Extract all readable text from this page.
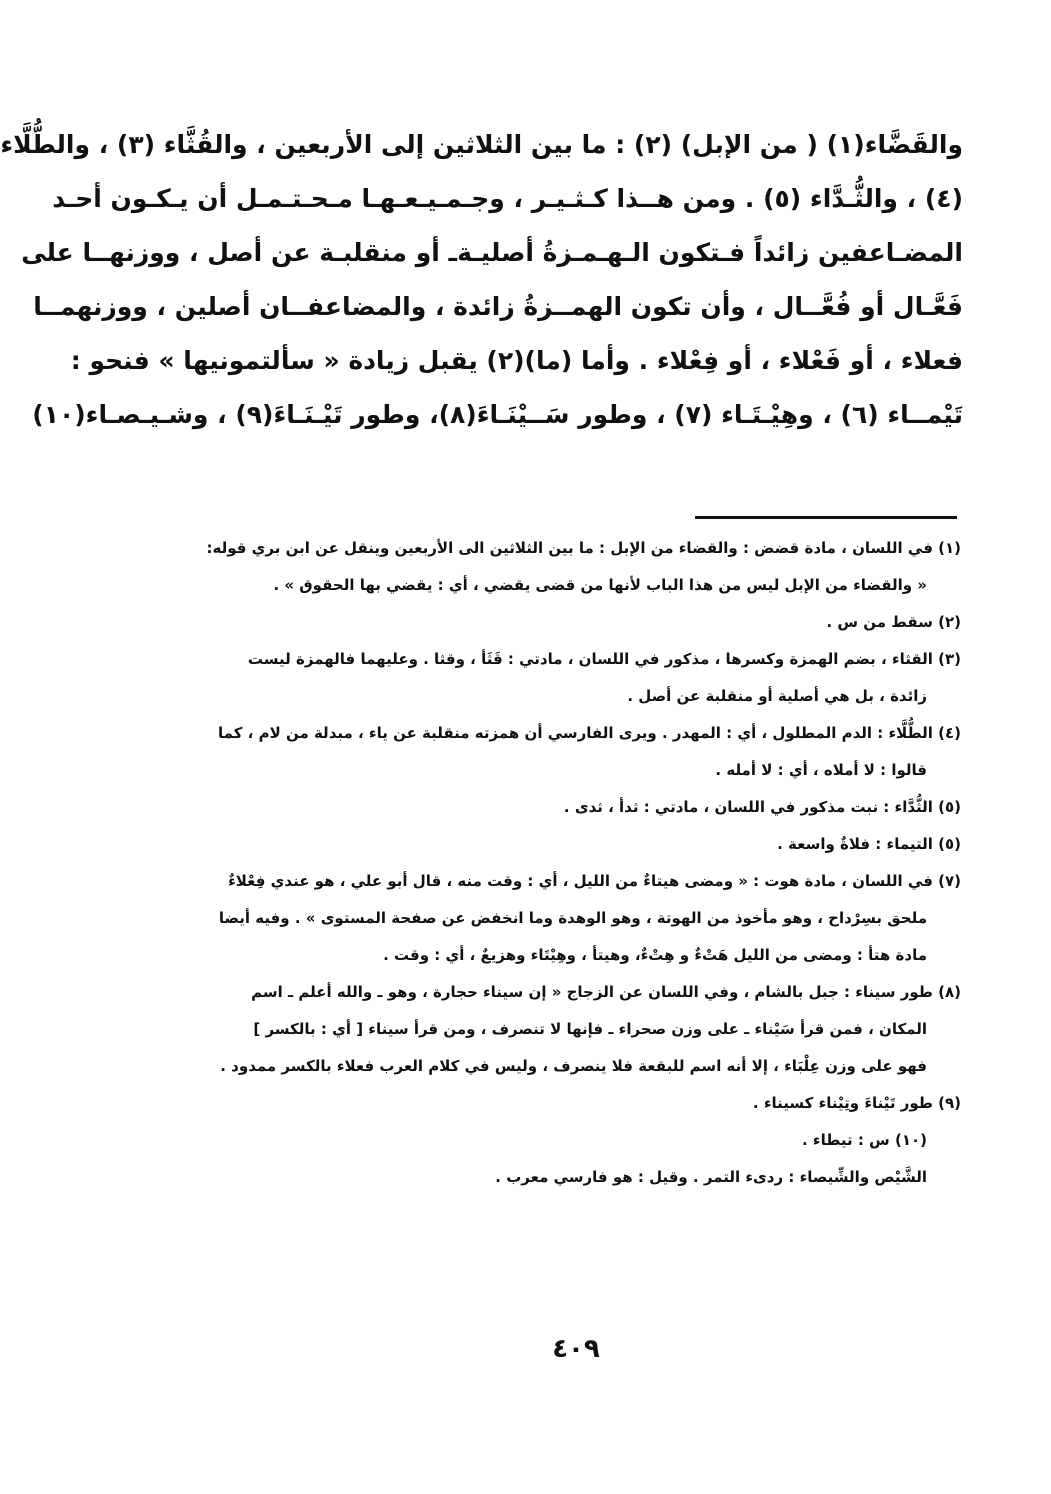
والقَضَّاء(١) ( من الإبل) (٢) : ما بين الثلاثين إلى الأربعين ، والقُثَّاء (٣) ، والطُّلَّاء
(٤) ، والثُّـدَّاء (٥) . ومن هــذا كـثـيـر ، وجـمـيـعـهـا مـحـتـمـل أن يـكـون أحـد
المضـاعفين زائداً فـتكون الـهـمـزةُ أصليـةـ أو منقلبـة عن أصل ، ووزنهــا على
فَعَّـال أو فُعَّــال ، وأن تكون الهمــزةُ زائدة ، والمضاعفــان أصلين ، ووزنهمــا
فعلاء ، أو فَعْلاء ، أو فِعْلاء . وأما (ما)(٢) يقبل زيادة « سألتمونيها » فنحو :
تَيْمــاء (٦) ، وهِيْـتَـاء (٧) ، وطور سَــيْنَـاءَ(٨)، وطور تَيْـنَـاءَ(٩) ، وشـيـصـاء(١٠)

(١) في اللسان ، مادة قضض : والقضاء من الإبل : ما بين الثلاثين الى الأربعين وينقل عن ابن بري قوله:

« والقضاء من الإبل ليس من هذا الباب لأنها من قضى يقضي ، أي : يقضي بها الحقوق » .

(٢) سقط من س .

(٣) القثاء ، بضم الهمزة وكسرها ، مذكور في اللسان ، مادتي : قَثَأ ، وقثا . وعليهما فالهمزة ليست

زائدة ، بل هي أصلية أو منقلبة عن أصل .

(٤) الطُّلَّاء : الدم المطلول ، أي : المهدر . ويرى الفارسي أن همزته منقلبة عن ياء ، مبدلة من لام ، كما

قالوا : لا أملاه ، أي : لا أمله .

(٥) الثُّدَّاء : نبت مذكور في اللسان ، مادتي : ثدأ ، ثدى .

(٥) التيماء : فلاةٌ واسعة .

(٧) في اللسان ، مادة هوت : « ومضى هيتاءٌ من الليل ، أي : وقت منه ، قال أبو علي ، هو عندي فِعْلاءٌ

ملحق بسِرْداح ، وهو مأخوذ من الهوتة ، وهو الوهدة وما انخفض عن صفحة المستوى » . وفيه أيضا

مادة هتأ : ومضى من الليل هَتْءٌ و هِتْءٌ، وهيتأ ، وهِيْتَاء وهزيعٌ ، أي : وقت .

(٨) طور سيناء : جبل بالشام ، وفي اللسان عن الزجاج « إن سيناء حجارة ، وهو ـ والله أعلم ـ اسم

المكان ، فمن قرأ سَيْناء ـ على وزن صحراء ـ فإنها لا تنصرف ، ومن قرأ سيناء [ أي : بالكسر ]

فهو على وزن عِلْبَاء ، إلا أنه اسم للبقعة فلا ينصرف ، وليس في كلام العرب فعلاء بالكسر ممدود .

(٩) طور تَيْناءَ وتِيْناء كسيناء .

(١٠) س : تيطاء .

الشَّيْص والشِّيصاء : ردىء التمر . وقيل : هو فارسي معرب .

٤٠٩
